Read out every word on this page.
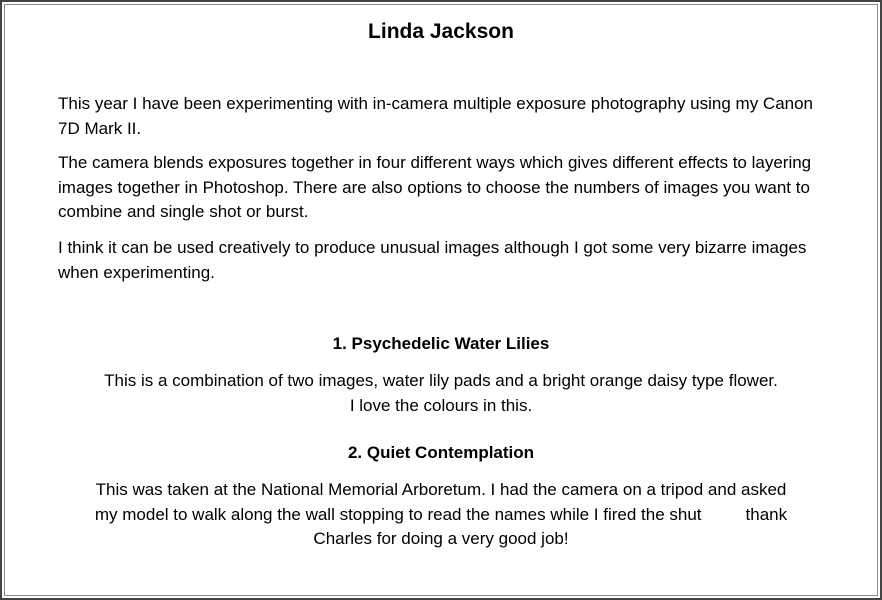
Linda Jackson
This year I have been experimenting with in-camera multiple exposure photography using my Canon 7D Mark II.
The camera blends exposures together in four different ways which gives different effects to layering images together in Photoshop. There are also options to choose the numbers of images you want to combine and single shot or burst.
I think it can be used creatively to produce unusual images although I got some very bizarre images when experimenting.
1. Psychedelic Water Lilies
This is a combination of two images, water lily pads and a bright orange daisy type flower.
I love the colours in this.
2. Quiet Contemplation
This was taken at the National Memorial Arboretum. I had the camera on a tripod and asked
my model to walk along the wall stopping to read the names while I fired the shut	thank
Charles for doing a very good job!
